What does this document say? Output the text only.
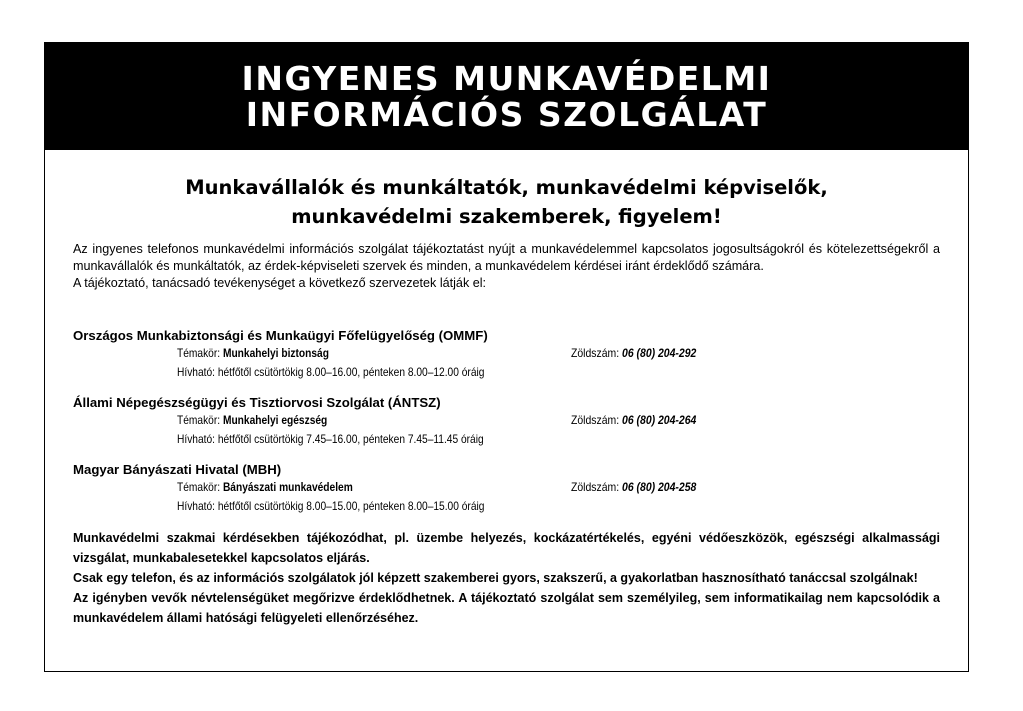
INGYENES MUNKAVÉDELMI
INFORMÁCIÓS SZOLGÁLAT
Munkavállalók és munkáltatók, munkavédelmi képviselők,
munkavédelmi szakemberek, figyelem!

Az ingyenes telefonos munkavédelmi információs szolgálat tájékoztatást nyújt a munkavédelemmel kapcsolatos jogosultságokról és kötelezettségekről a munkavállalók és munkáltatók, az érdek-képviseleti szervek és minden, a munkavédelem kérdései iránt érdeklődő számára.

A tájékoztató, tanácsadó tevékenységet a következő szervezetek látják el:

Országos Munkabiztonsági és Munkaügyi Főfelügyelőség (OMMF)
Témakör: Munkahelyi biztonság	Zöldszám: 06 (80) 204-292
Hívható: hétfőtől csütörtökig 8.00–16.00, pénteken 8.00–12.00 óráig
Állami Népegészségügyi és Tisztiorvosi Szolgálat (ÁNTSZ)
Témakör: Munkahelyi egészség	Zöldszám: 06 (80) 204-264
Hívható: hétfőtől csütörtökig 7.45–16.00, pénteken 7.45–11.45 óráig
Magyar Bányászati Hivatal (MBH)
Témakör: Bányászati munkavédelem	Zöldszám: 06 (80) 204-258
Hívható: hétfőtől csütörtökig 8.00–15.00, pénteken 8.00–15.00 óráig

Munkavédelmi szakmai kérdésekben tájékozódhat, pl. üzembe helyezés, kockázatértékelés, egyéni védőeszközök, egészségi alkalmassági vizsgálat, munkabalesetekkel kapcsolatos eljárás.

Csak egy telefon, és az információs szolgálatok jól képzett szakemberei gyors, szakszerű, a gyakorlatban hasznosítható tanáccsal szolgálnak!

Az igényben vevők névtelenségüket megőrizve érdeklődhetnek. A tájékoztató szolgálat sem személyileg, sem informatikailag nem kapcsolódik a munkavédelem állami hatósági felügyeleti ellenőrzéséhez.
